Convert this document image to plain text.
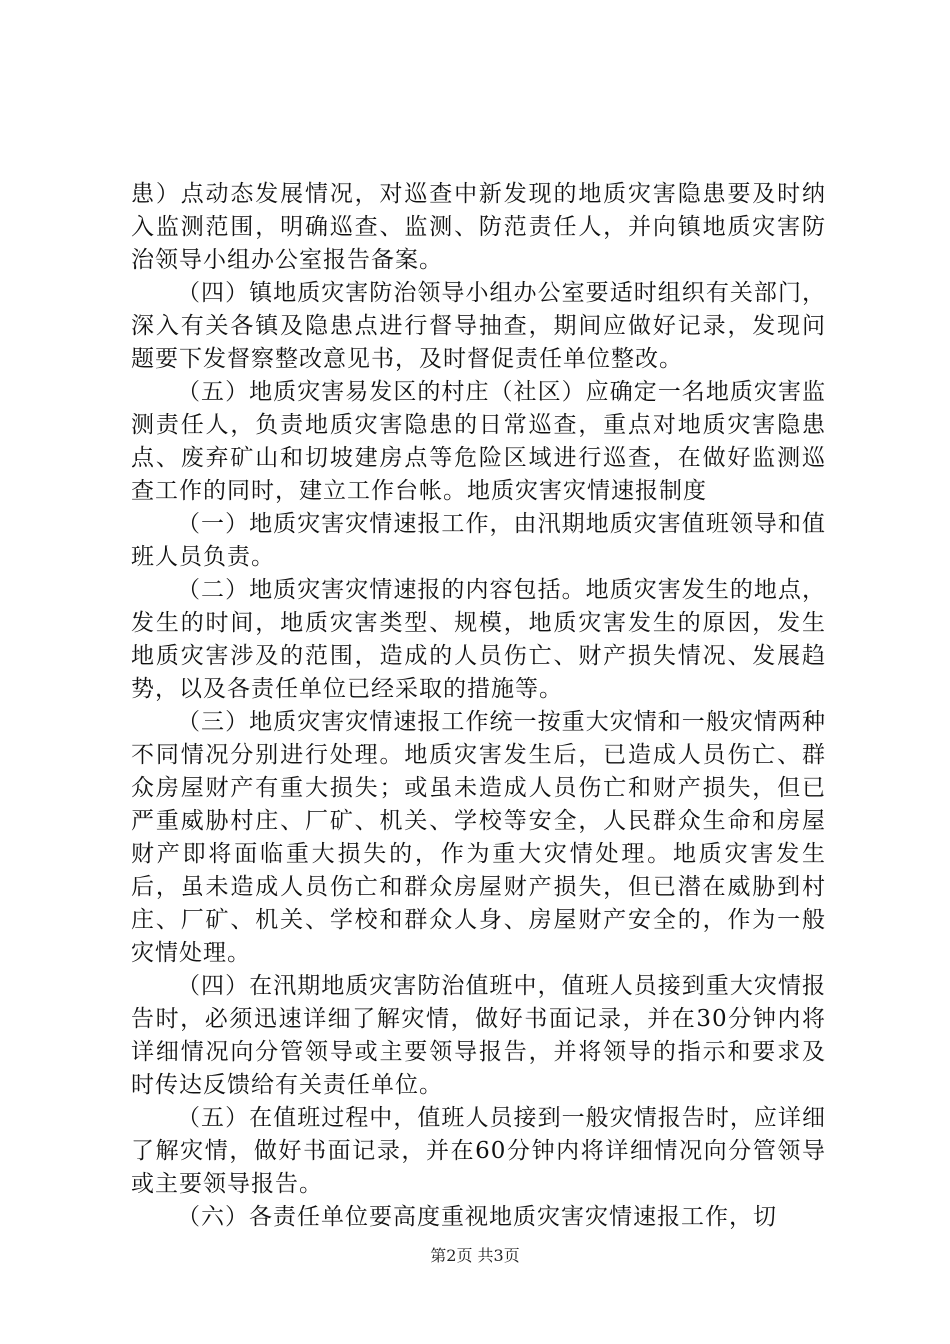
患）点动态发展情况，对巡查中新发现的地质灾害隐患要及时纳入监测范围，明确巡查、监测、防范责任人，并向镇地质灾害防治领导小组办公室报告备案。

（四）镇地质灾害防治领导小组办公室要适时组织有关部门，深入有关各镇及隐患点进行督导抽查，期间应做好记录，发现问题要下发督察整改意见书，及时督促责任单位整改。

（五）地质灾害易发区的村庄（社区）应确定一名地质灾害监测责任人，负责地质灾害隐患的日常巡查，重点对地质灾害隐患点、废弃矿山和切坡建房点等危险区域进行巡查，在做好监测巡查工作的同时，建立工作台帐。地质灾害灾情速报制度

（一）地质灾害灾情速报工作，由汛期地质灾害值班领导和值班人员负责。

（二）地质灾害灾情速报的内容包括。地质灾害发生的地点，发生的时间，地质灾害类型、规模，地质灾害发生的原因，发生地质灾害涉及的范围，造成的人员伤亡、财产损失情况、发展趋势，以及各责任单位已经采取的措施等。

（三）地质灾害灾情速报工作统一按重大灾情和一般灾情两种不同情况分别进行处理。地质灾害发生后，已造成人员伤亡、群众房屋财产有重大损失；或虽未造成人员伤亡和财产损失，但已严重威胁村庄、厂矿、机关、学校等安全，人民群众生命和房屋财产即将面临重大损失的，作为重大灾情处理。地质灾害发生后，虽未造成人员伤亡和群众房屋财产损失，但已潜在威胁到村庄、厂矿、机关、学校和群众人身、房屋财产安全的，作为一般灾情处理。

（四）在汛期地质灾害防治值班中，值班人员接到重大灾情报告时，必须迅速详细了解灾情，做好书面记录，并在30分钟内将详细情况向分管领导或主要领导报告，并将领导的指示和要求及时传达反馈给有关责任单位。

（五）在值班过程中，值班人员接到一般灾情报告时，应详细了解灾情，做好书面记录，并在60分钟内将详细情况向分管领导或主要领导报告。

（六）各责任单位要高度重视地质灾害灾情速报工作，切

第2页 共3页
